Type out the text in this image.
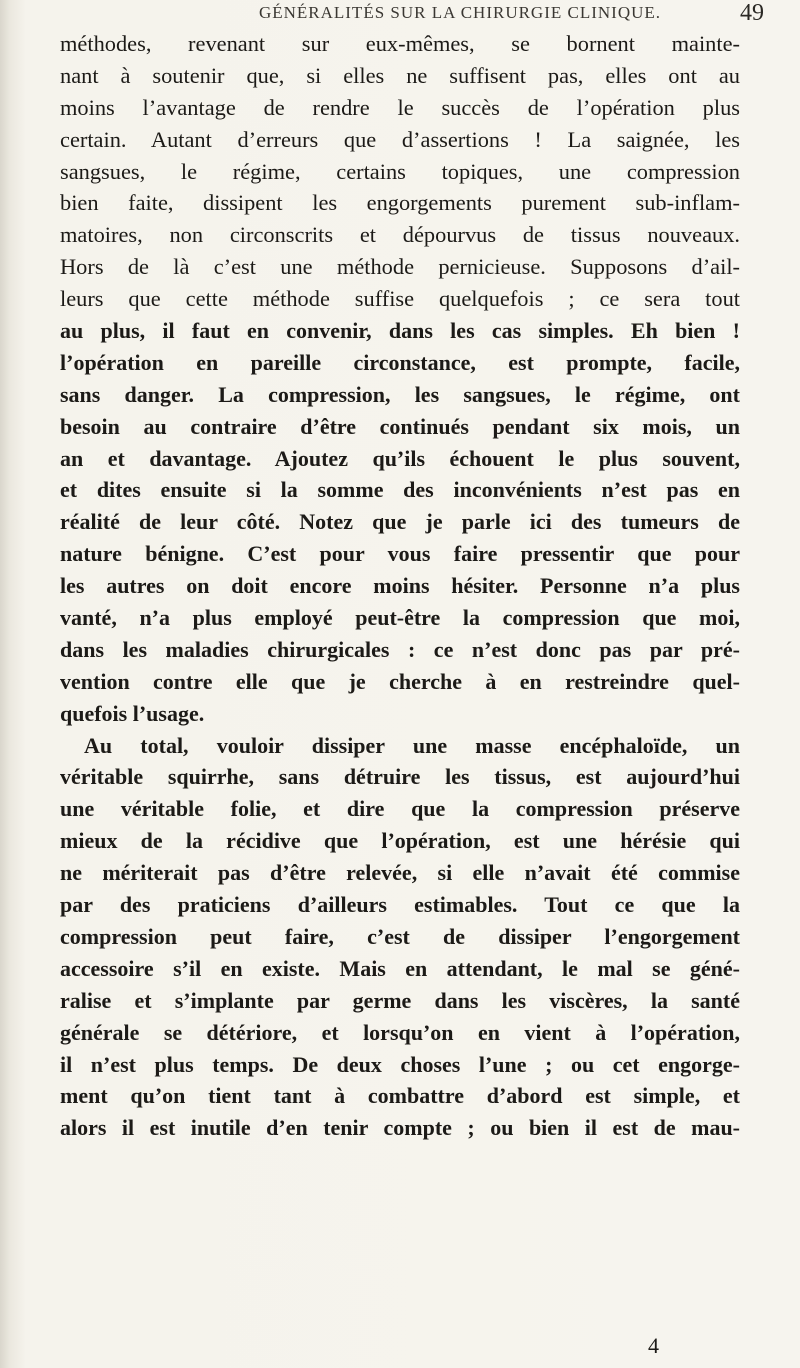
GÉNÉRALITÉS SUR LA CHIRURGIE CLINIQUE.	49
méthodes, revenant sur eux-mêmes, se bornent mainte-
nant à soutenir que, si elles ne suffisent pas, elles ont au
moins l’avantage de rendre le succès de l’opération plus
certain. Autant d’erreurs que d’assertions ! La saignée, les
sangsues, le régime, certains topiques, une compression
bien faite, dissipent les engorgements purement sub-inflam-
matoires, non circonscrits et dépourvus de tissus nouveaux.
Hors de là c’est une méthode pernicieuse. Supposons d’ail-
leurs que cette méthode suffise quelquefois ; ce sera tout
au plus, il faut en convenir, dans les cas simples. Eh bien !
l’opération en pareille circonstance, est prompte, facile,
sans danger. La compression, les sangsues, le régime, ont
besoin au contraire d’être continués pendant six mois, un
an et davantage. Ajoutez qu’ils échouent le plus souvent,
et dites ensuite si la somme des inconvénients n’est pas en
réalité de leur côté. Notez que je parle ici des tumeurs de
nature bénigne. C’est pour vous faire pressentir que pour
les autres on doit encore moins hésiter. Personne n’a plus
vanté, n’a plus employé peut-être la compression que moi,
dans les maladies chirurgicales : ce n’est donc pas par pré-
vention contre elle que je cherche à en restreindre quel-
quefois l’usage.
Au total, vouloir dissiper une masse encéphaloïde, un
véritable squirrhe, sans détruire les tissus, est aujourd’hui
une véritable folie, et dire que la compression préserve
mieux de la récidive que l’opération, est une hérésie qui
ne mériterait pas d’être relevée, si elle n’avait été commise
par des praticiens d’ailleurs estimables. Tout ce que la
compression peut faire, c’est de dissiper l’engorgement
accessoire s’il en existe. Mais en attendant, le mal se géné-
ralise et s’implante par germe dans les viscères, la santé
générale se détériore, et lorsqu’on en vient à l’opération,
il n’est plus temps. De deux choses l’une ; ou cet engorge-
ment qu’on tient tant à combattre d’abord est simple, et
alors il est inutile d’en tenir compte ; ou bien il est de mau-
4
